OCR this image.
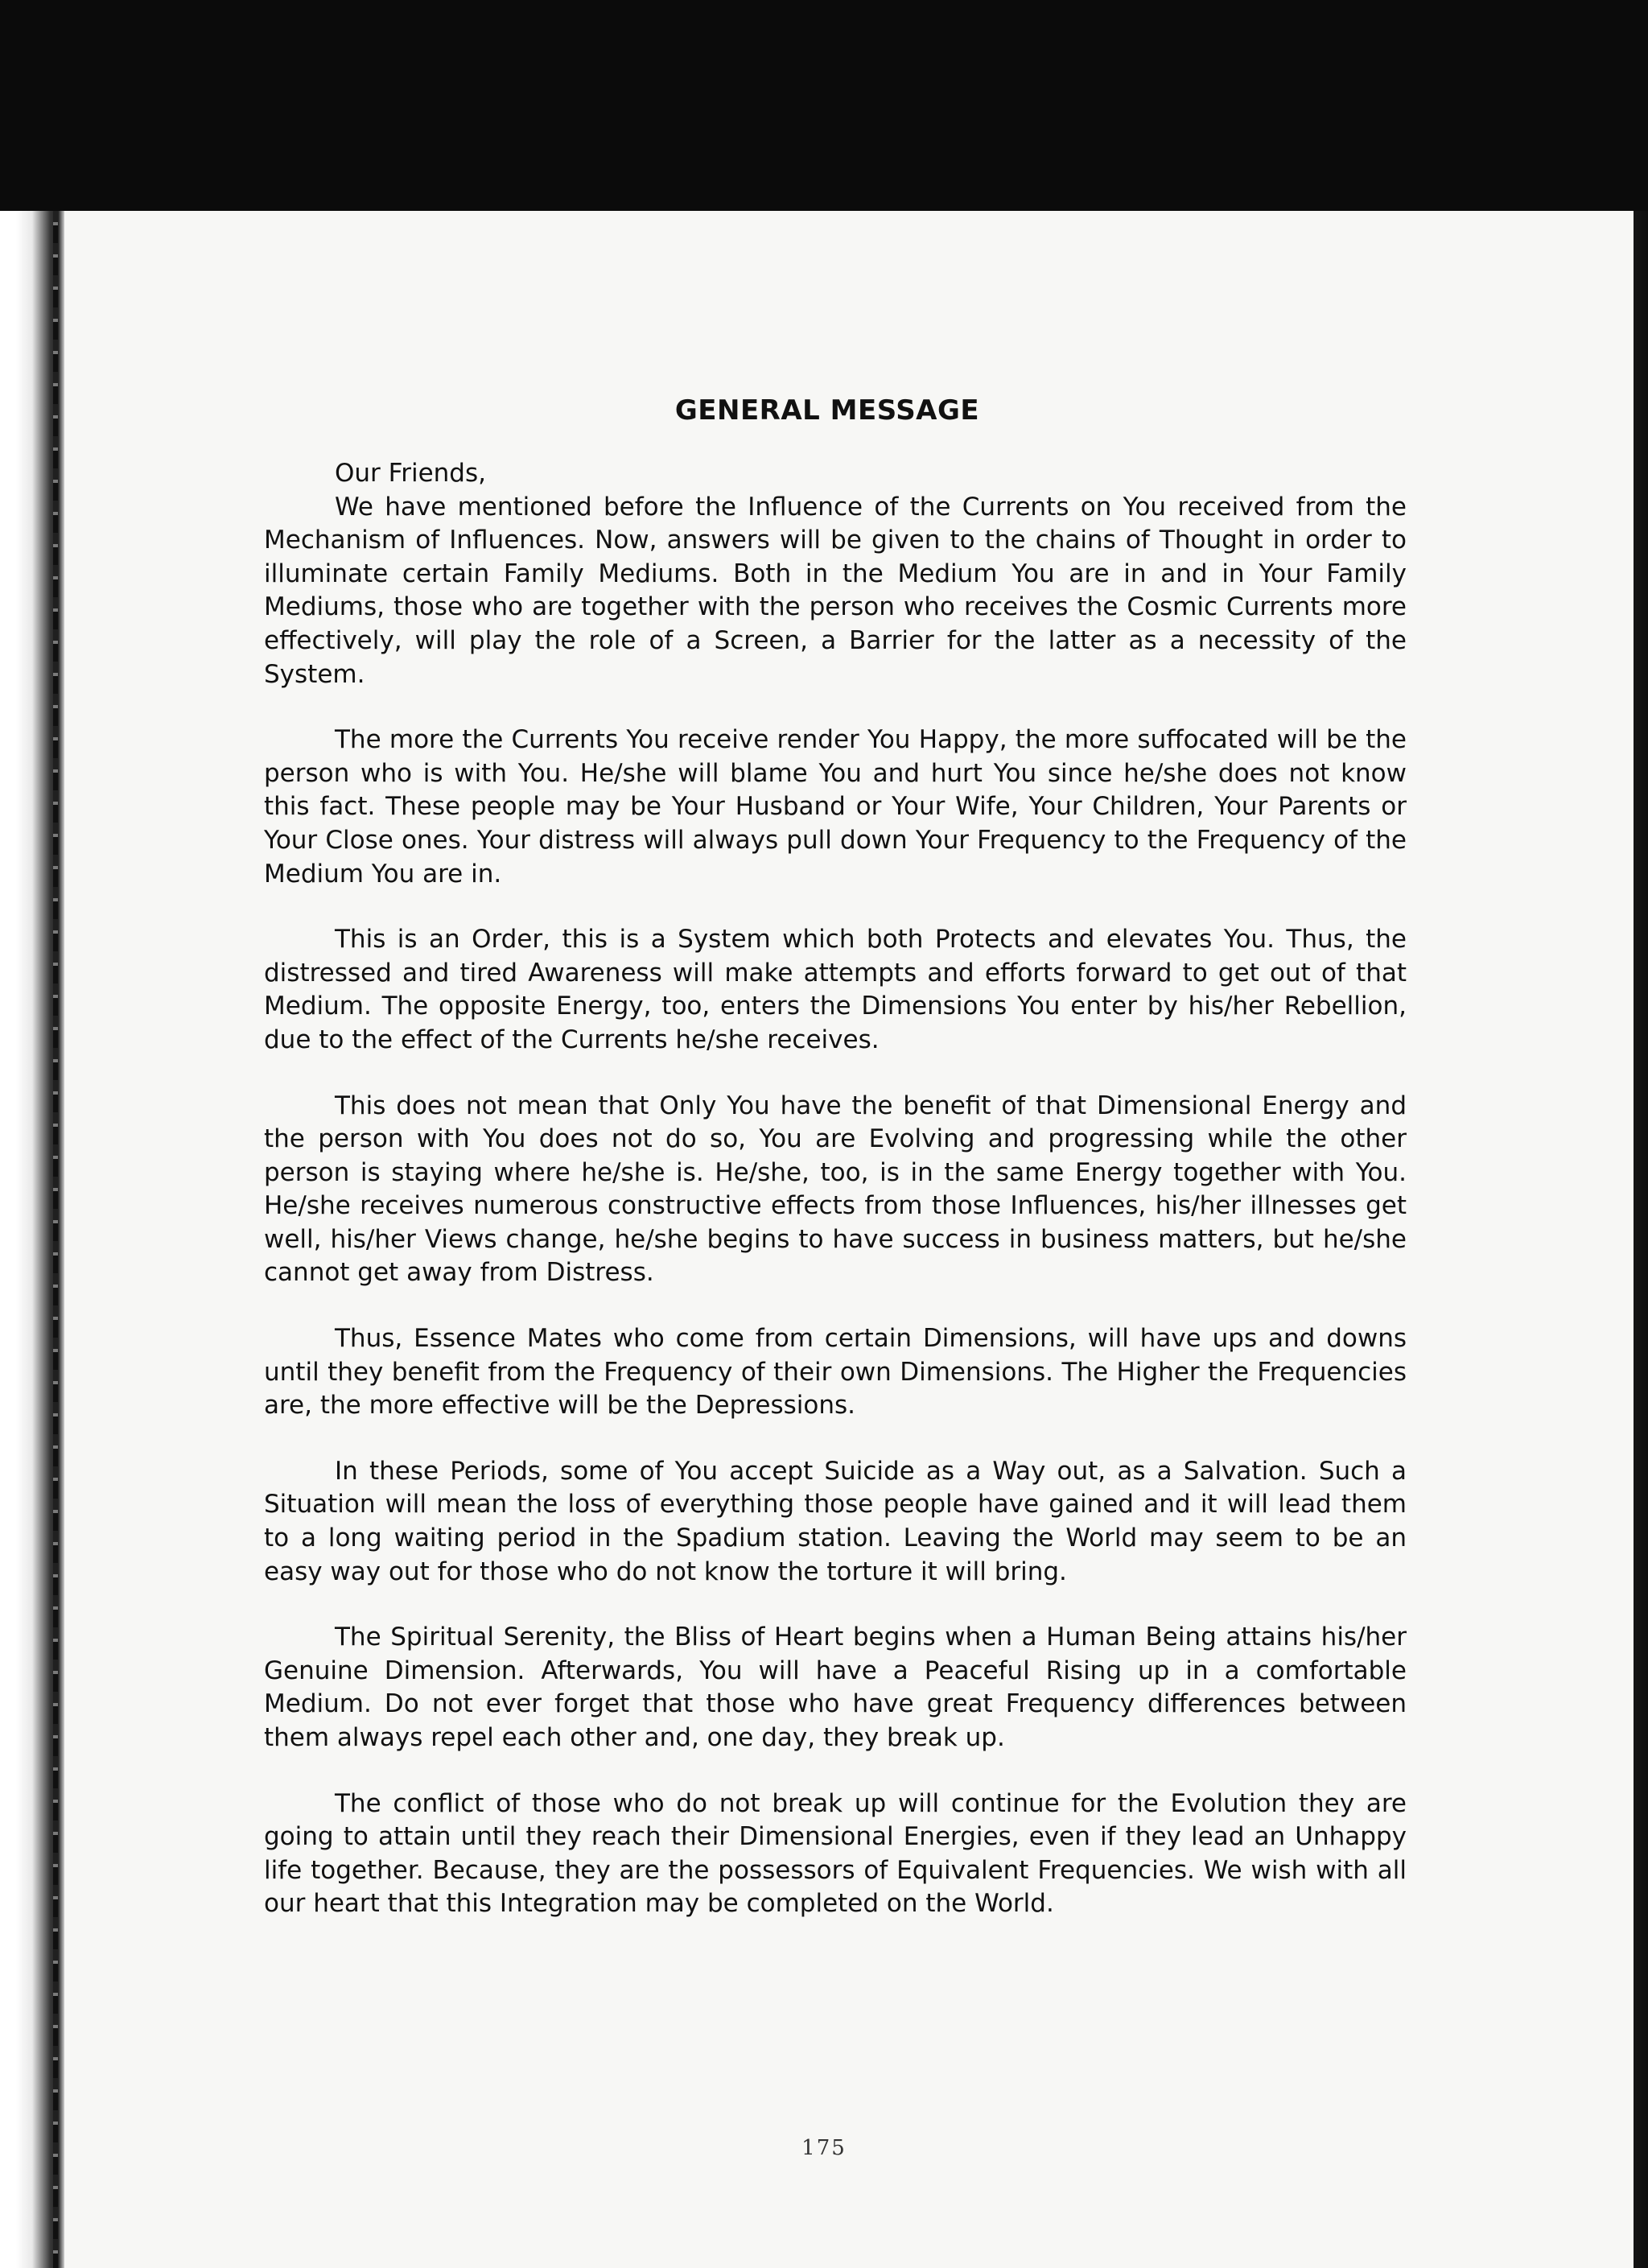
GENERAL MESSAGE
Our Friends,

We have mentioned before the Influence of the Currents on You received from the Mechanism of Influences. Now, answers will be given to the chains of Thought in order to illuminate certain Family Mediums. Both in the Medium You are in and in Your Family Mediums, those who are together with the person who receives the Cosmic Currents more effectively, will play the role of a Screen, a Barrier for the latter as a necessity of the System.

The more the Currents You receive render You Happy, the more suffocated will be the person who is with You. He/she will blame You and hurt You since he/she does not know this fact. These people may be Your Husband or Your Wife, Your Children, Your Parents or Your Close ones. Your distress will always pull down Your Frequency to the Frequency of the Medium You are in.

This is an Order, this is a System which both Protects and elevates You. Thus, the distressed and tired Awareness will make attempts and efforts forward to get out of that Medium. The opposite Energy, too, enters the Dimensions You enter by his/her Rebellion, due to the effect of the Currents he/she receives.

This does not mean that Only You have the benefit of that Dimensional Energy and the person with You does not do so, You are Evolving and progressing while the other person is staying where he/she is. He/she, too, is in the same Energy together with You. He/she receives numerous constructive effects from those Influences, his/her illnesses get well, his/her Views change, he/she begins to have success in business matters, but he/she cannot get away from Distress.

Thus, Essence Mates who come from certain Dimensions, will have ups and downs until they benefit from the Frequency of their own Dimensions. The Higher the Frequencies are, the more effective will be the Depressions.

In these Periods, some of You accept Suicide as a Way out, as a Salvation. Such a Situation will mean the loss of everything those people have gained and it will lead them to a long waiting period in the Spadium station. Leaving the World may seem to be an easy way out for those who do not know the torture it will bring.

The Spiritual Serenity, the Bliss of Heart begins when a Human Being attains his/her Genuine Dimension. Afterwards, You will have a Peaceful Rising up in a comfortable Medium. Do not ever forget that those who have great Frequency differences between them always repel each other and, one day, they break up.

The conflict of those who do not break up will continue for the Evolution they are going to attain until they reach their Dimensional Energies, even if they lead an Unhappy life together. Because, they are the possessors of Equivalent Frequencies. We wish with all our heart that this Integration may be completed on the World.

175
